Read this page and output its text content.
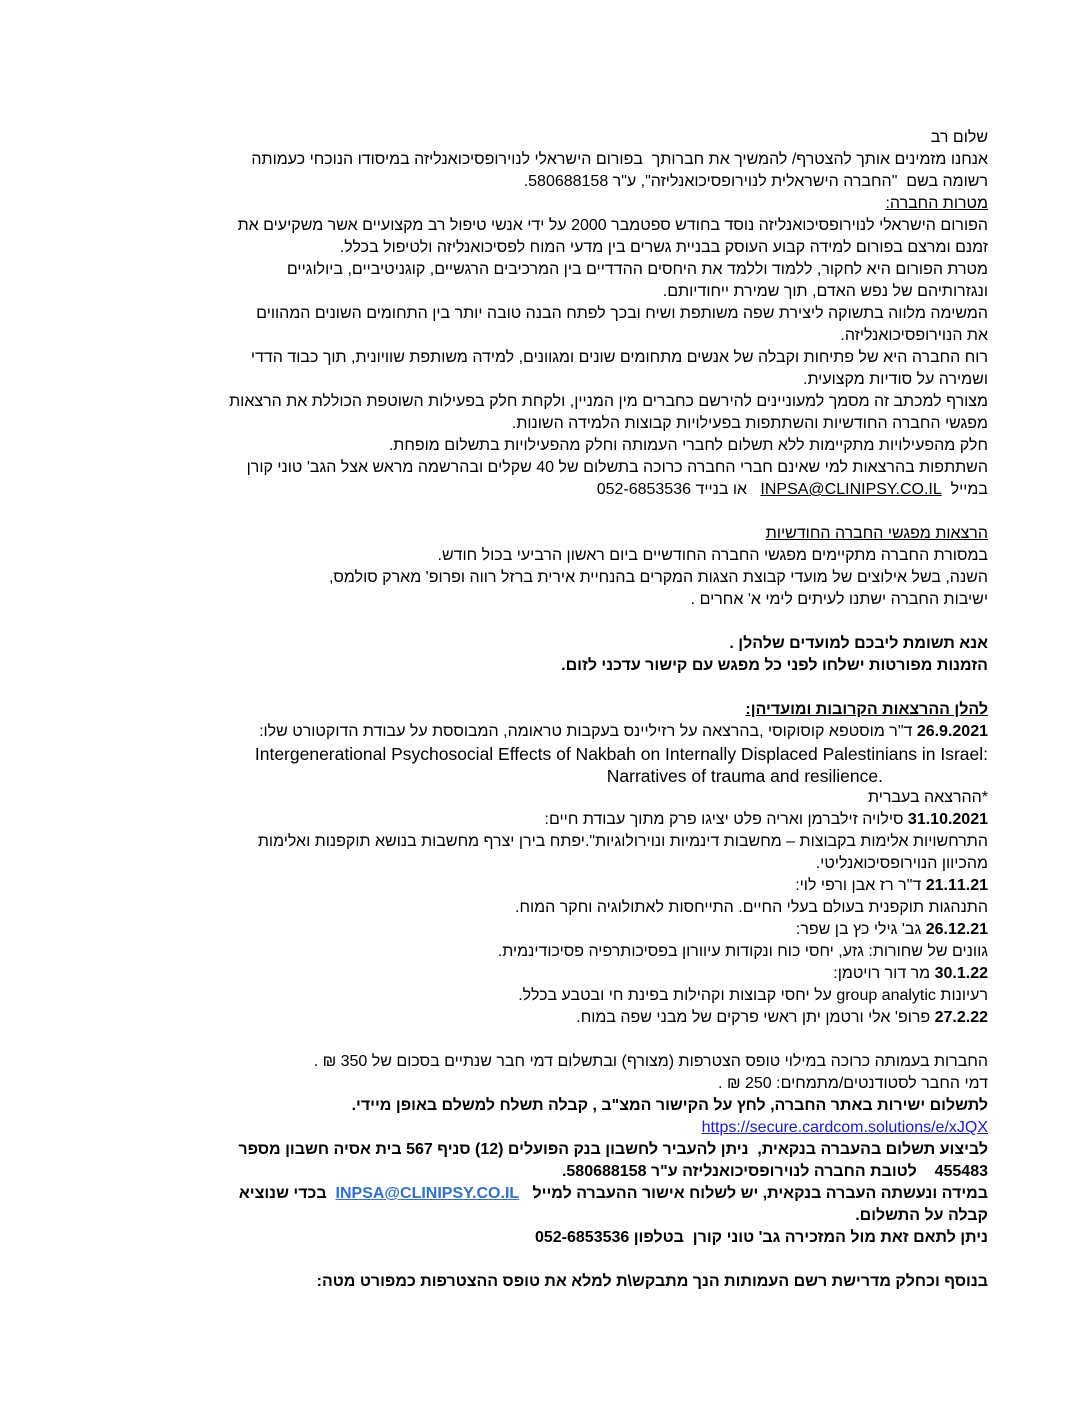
שלום רב
אנחנו מזמינים אותך להצטרף/ להמשיך את חברותך  בפורום הישראלי לנוירופסיכואנליזה במיסודו הנוכחי כעמותה
רשומה בשם  "החברה הישראלית לנוירופסיכואנליזה", ע"ר 580688158.
מטרות החברה:
הפורום הישראלי לנוירופסיכואנליזה נוסד בחודש ספטמבר 2000 על ידי אנשי טיפול רב מקצועיים אשר משקיעים את
זמנם ומרצם בפורום למידה קבוע העוסק בבניית גשרים בין מדעי המוח לפסיכואנליזה ולטיפול בכלל.
מטרת הפורום היא לחקור, ללמוד וללמד את היחסים ההדדיים בין המרכיבים הרגשיים, קוגניטיביים, ביולוגיים
ונגזרותיהם של נפש האדם, תוך שמירת ייחודיותם.
המשימה מלווה בתשוקה ליצירת שפה משותפת ושיח ובכך לפתח הבנה טובה יותר בין התחומים השונים המהווים
את הנוירופסיכואנליזה.
רוח החברה היא של פתיחות וקבלה של אנשים מתחומים שונים ומגוונים, למידה משותפת שוויונית, תוך כבוד הדדי
ושמירה על סודיות מקצועית.
מצורף למכתב זה מסמך למעוניינים להירשם כחברים מין המניין, ולקחת חלק בפעילות השוטפת הכוללת את הרצאות
מפגשי החברה החודשיות והשתתפות בפעילויות קבוצות הלמידה השונות.
חלק מהפעילויות מתקיימות ללא תשלום לחברי העמותה וחלק מהפעילויות בתשלום מופחת.
השתתפות בהרצאות למי שאינם חברי החברה כרוכה בתשלום של 40 שקלים ובהרשמה מראש אצל הגב' טוני קורן
במייל  INPSA@CLINIPSY.CO.IL   או בנייד 052-6853536
הרצאות מפגשי החברה החודשיות
במסורת החברה מתקיימים מפגשי החברה החודשיים ביום ראשון הרביעי בכול חודש.
השנה, בשל אילוצים של מועדי קבוצת הצגות המקרים בהנחיית אירית ברזל רווה ופרופ' מארק סולמס,
ישיבות החברה ישתנו לעיתים לימי א' אחרים .
אנא תשומת ליבכם למועדים שלהלן .
הזמנות מפורטות ישלחו לפני כל מפגש עם קישור עדכני לזום.
להלן ההרצאות הקרובות ומועדיהן:
26.9.2021 ד"ר מוסטפא קוסוקוסי ,בהרצאה על רזיליינס בעקבות טראומה, המבוססת על עבודת הדוקטורט שלו:
Intergenerational Psychosocial Effects of Nakbah on Internally Displaced Palestinians in Israel:
Narratives of trauma and resilience.
*ההרצאה בעברית
31.10.2021 סילויה זילברמן ואריה פלט יציגו פרק מתוך עבודת חיים:
התרחשויות אלימות בקבוצות – מחשבות דינמיות ונוירולוגיות".יפתח בירן יצרף מחשבות בנושא תוקפנות ואלימות
מהכיוון הנוירופסיכואנליטי.
21.11.21 ד"ר רז אבן ורפי לוי:
התנהגות תוקפנית בעולם בעלי החיים. התייחסות לאתולוגיה וחקר המוח.
26.12.21 גב' גילי כץ בן שפר:
גוונים של שחורות: גזע, יחסי כוח ונקודות עיוורון בפסיכותרפיה פסיכודינמית.
30.1.22 מר דור רויטמן:
רעיונות group analytic על יחסי קבוצות וקהילות בפינת חי ובטבע בכלל.
27.2.22 פרופ' אלי ורטמן יתן ראשי פרקים של מבני שפה במוח.
החברות בעמותה כרוכה במילוי טופס הצטרפות (מצורף) ובתשלום דמי חבר שנתיים בסכום של 350 ₪ .
דמי החבר לסטודנטים/מתמחים: 250 ₪ .
לתשלום ישירות באתר החברה, לחץ על הקישור המצ"ב , קבלה תשלח למשלם באופן מיידי.
https://secure.cardcom.solutions/e/xJQX
לביצוע תשלום בהעברה בנקאית,  ניתן להעביר לחשבון בנק הפועלים (12) סניף 567 בית אסיה חשבון מספר
455483    לטובת החברה לנוירופסיכואנליזה ע"ר 580688158.
במידה ונעשתה העברה בנקאית, יש לשלוח אישור ההעברה למייל   INPSA@CLINIPSY.CO.IL  בכדי שנוציא
קבלה על התשלום.
ניתן לתאם זאת מול המזכירה גב' טוני קורן  בטלפון 052-6853536
בנוסף וכחלק מדרישת רשם העמותות הנך מתבקש\ת למלא את טופס ההצטרפות כמפורט מטה:
